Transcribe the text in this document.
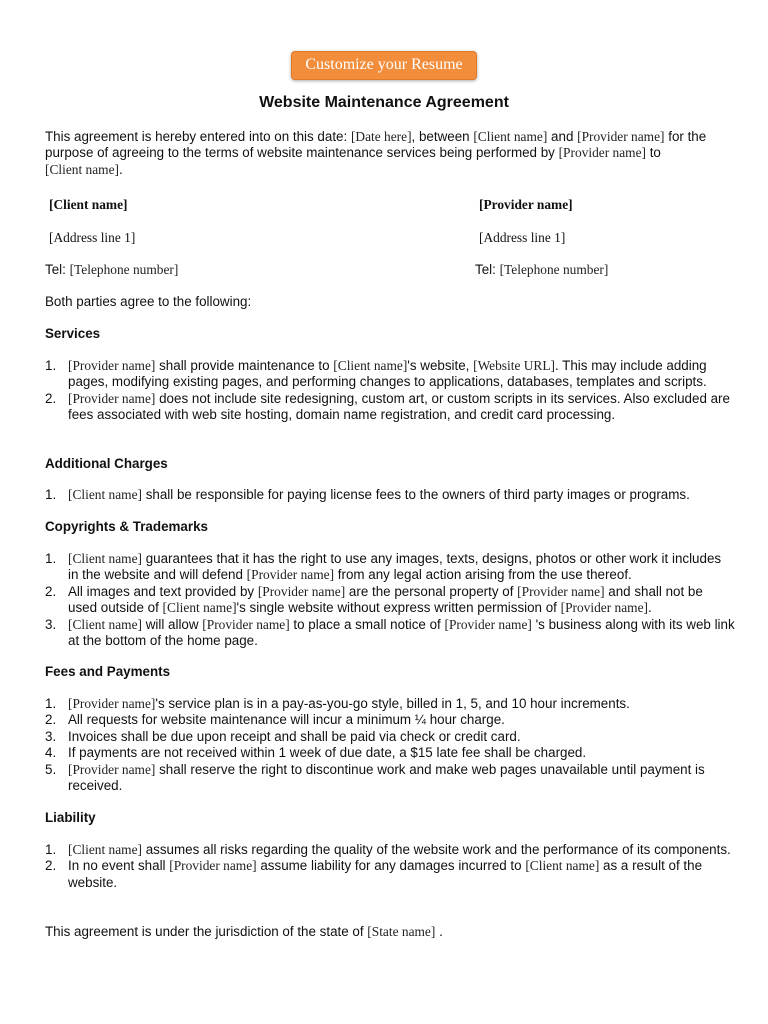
Customize your Resume
Website Maintenance Agreement
This agreement is hereby entered into on this date: [Date here], between [Client name] and [Provider name] for the purpose of agreeing to the terms of website maintenance services being performed by [Provider name] to
[Client name].
[Client name]	[Provider name]
[Address line 1]	[Address line 1]
Tel: [Telephone number]	Tel: [Telephone number]
Both parties agree to the following:
Services
1. [Provider name] shall provide maintenance to [Client name]'s website, [Website URL]. This may include adding pages, modifying existing pages, and performing changes to applications, databases, templates and scripts.
2. [Provider name] does not include site redesigning, custom art, or custom scripts in its services. Also excluded are fees associated with web site hosting, domain name registration, and credit card processing.
Additional Charges
1. [Client name] shall be responsible for paying license fees to the owners of third party images or programs.
Copyrights & Trademarks
1. [Client name] guarantees that it has the right to use any images, texts, designs, photos or other work it includes in the website and will defend [Provider name] from any legal action arising from the use thereof.
2. All images and text provided by [Provider name] are the personal property of [Provider name] and shall not be used outside of [Client name]'s single website without express written permission of [Provider name].
3. [Client name] will allow [Provider name] to place a small notice of [Provider name] 's business along with its web link at the bottom of the home page.
Fees and Payments
1. [Provider name]'s service plan is in a pay-as-you-go style, billed in 1, 5, and 10 hour increments.
2. All requests for website maintenance will incur a minimum ¼ hour charge.
3. Invoices shall be due upon receipt and shall be paid via check or credit card.
4. If payments are not received within 1 week of due date, a $15 late fee shall be charged.
5. [Provider name] shall reserve the right to discontinue work and make web pages unavailable until payment is received.
Liability
1. [Client name] assumes all risks regarding the quality of the website work and the performance of its components.
2. In no event shall [Provider name] assume liability for any damages incurred to [Client name] as a result of the website.
This agreement is under the jurisdiction of the state of [State name] .
